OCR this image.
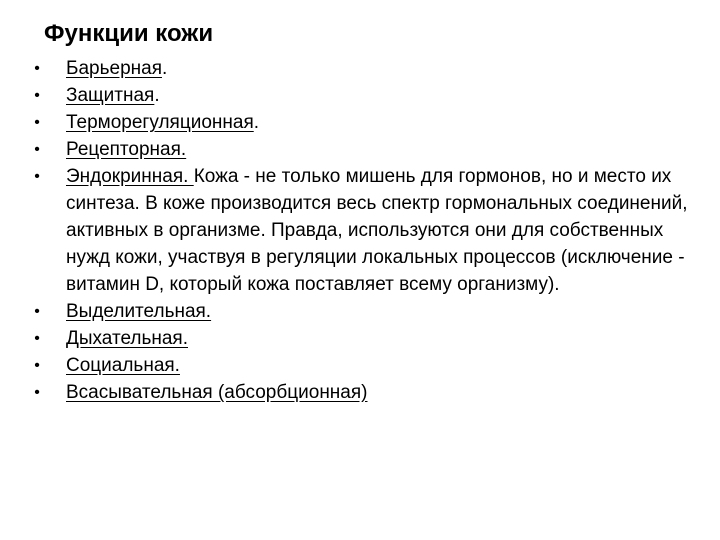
Функции кожи
• Барьерная.
• Защитная.
• Терморегуляционная.
• Рецепторная.
• Эндокринная. Кожа - не только мишень для гормонов, но и место их синтеза. В коже производится весь спектр гормональных соединений, активных в организме. Правда, используются они для собственных нужд кожи, участвуя в регуляции локальных процессов (исключение - витамин D, который кожа поставляет всему организму).
• Выделительная.
• Дыхательная.
• Социальная.
• Всасывательная (абсорбционная)
